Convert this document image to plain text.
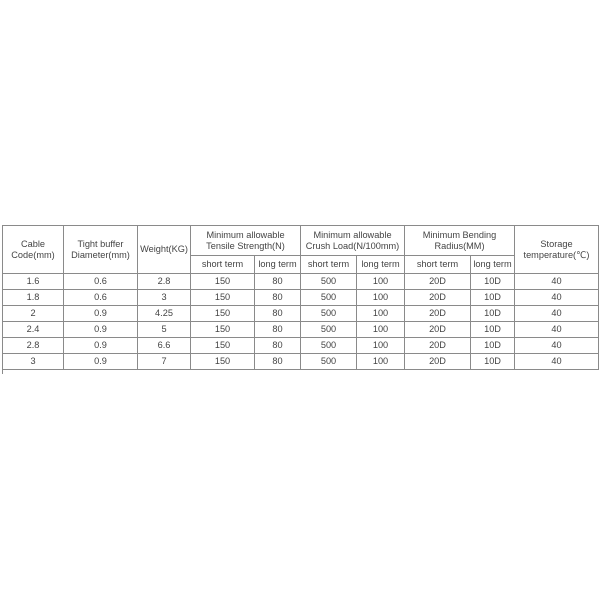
Cable Code(mm)	Tight buffer Diameter(mm)	Weight(KG)	Minimum allowable Tensile Strength(N)		Minimum allowable Crush Load(N/100mm)		Minimum Bending Radius(MM)		Storage temperature(℃)
			short term	long term	short term	long term	short term	long term	
1.6	0.6	2.8	150	80	500	100	20D	10D	40
1.8	0.6	3	150	80	500	100	20D	10D	40
2	0.9	4.25	150	80	500	100	20D	10D	40
2.4	0.9	5	150	80	500	100	20D	10D	40
2.8	0.9	6.6	150	80	500	100	20D	10D	40
3	0.9	7	150	80	500	100	20D	10D	40
